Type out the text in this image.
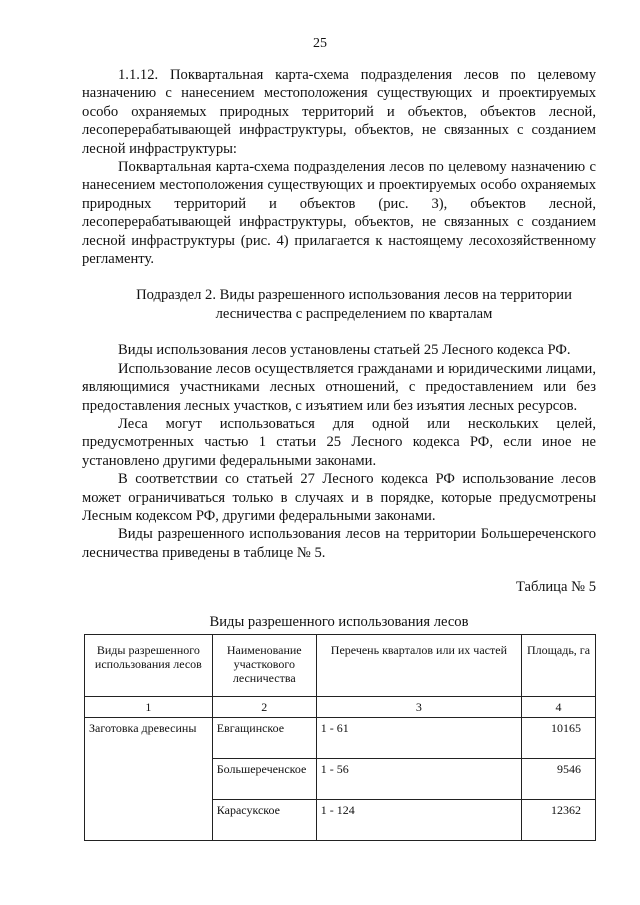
25

1.1.12. Поквартальная карта-схема подразделения лесов по целевому назначению с нанесением местоположения существующих и проектируемых особо охраняемых природных территорий и объектов, объектов лесной, лесоперерабатывающей инфраструктуры, объектов, не связанных с созданием лесной инфраструктуры:

Поквартальная карта-схема подразделения лесов по целевому назначению с нанесением местоположения существующих и проектируемых особо охраняемых природных территорий и объектов (рис. 3), объектов лесной, лесоперерабатывающей инфраструктуры, объектов, не связанных с созданием лесной инфраструктуры (рис. 4) прилагается к настоящему лесохозяйственному регламенту.

Подраздел 2. Виды разрешенного использования лесов на территории
лесничества с распределением по кварталам

Виды использования лесов установлены статьей 25 Лесного кодекса РФ.

Использование лесов осуществляется гражданами и юридическими лицами, являющимися участниками лесных отношений, с предоставлением или без предоставления лесных участков, с изъятием или без изъятия лесных ресурсов.

Леса могут использоваться для одной или нескольких целей, предусмотренных частью 1 статьи 25 Лесного кодекса РФ, если иное не установлено другими федеральными законами.

В соответствии со статьей 27 Лесного кодекса РФ использование лесов может ограничиваться только в случаях и в порядке, которые предусмотрены Лесным кодексом РФ, другими федеральными законами.

Виды разрешенного использования лесов на территории Большереченского лесничества приведены в таблице № 5.

Таблица № 5
Виды разрешенного использования лесов
Виды разрешенного использования лесов	Наименование участкового лесничества	Перечень кварталов или их частей	Площадь, га
1	2	3	4
Заготовка древесины	Евгащинское	1 - 61	10165
	Большереченское	1 - 56	9546
	Карасукское	1 - 124	12362
